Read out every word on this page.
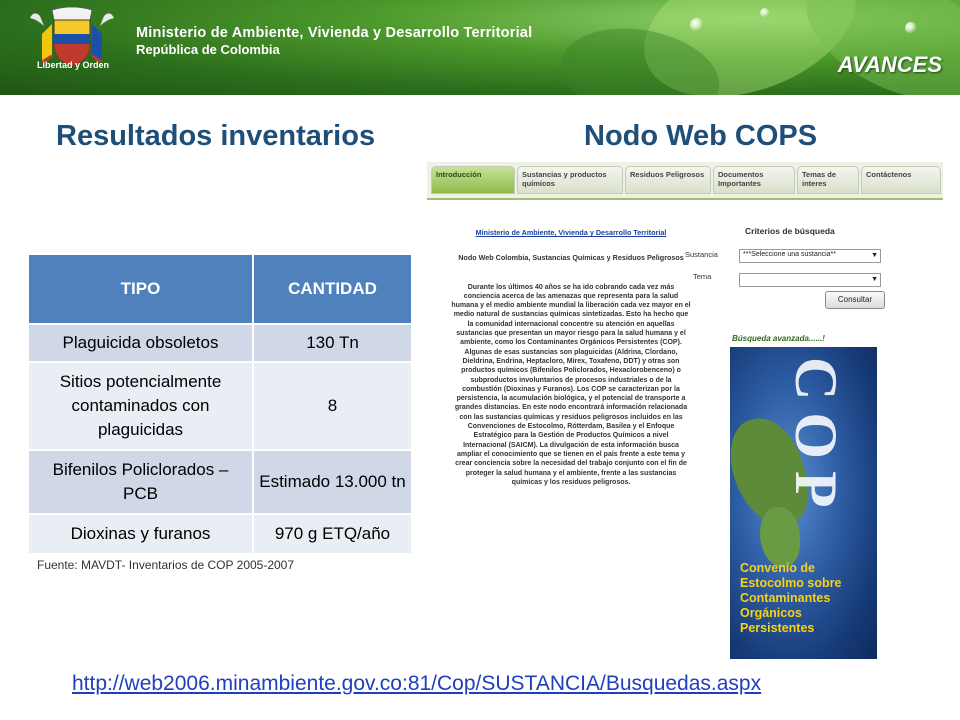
Libertad y Orden
Ministerio de Ambiente, Vivienda y Desarrollo Territorial
República de Colombia
AVANCES
Resultados inventarios	Nodo Web COPS
TIPO	CANTIDAD
Plaguicida obsoletos	130 Tn
Sitios potencialmente contaminados con plaguicidas	8
Bifenilos Policlorados – PCB	Estimado 13.000 tn
Dioxinas y furanos	970 g ETQ/año
Fuente: MAVDT- Inventarios de COP 2005-2007
Introducción	Sustancias y productos químicos
Residuos Peligrosos	Documentos Importantes
Temas de interes
Contáctenos
Ministerio de Ambiente, Vivienda y Desarrollo Territorial
Nodo Web Colombia, Sustancias Químicas y Residuos Peligrosos
Durante los últimos 40 años se ha ido cobrando cada vez más conciencia acerca de las amenazas que representa para la salud humana y el medio ambiente mundial la liberación cada vez mayor en el medio natural de sustancias químicas sintetizadas. Esto ha hecho que la comunidad internacional concentre su atención en aquellas sustancias que presentan un mayor riesgo para la salud humana y el ambiente, como los Contaminantes Orgánicos Persistentes (COP). Algunas de esas sustancias son plaguicidas (Aldrina, Clordano, Dieldrina, Endrina, Heptacloro, Mirex, Toxafeno, DDT) y otras son productos químicos (Bifenilos Policlorados, Hexaclorobenceno) o subproductos involuntarios de procesos industriales o de la combustión (Dioxinas y Furanos). Los COP se caracterizan por la persistencia, la acumulación biológica, y el potencial de transporte a grandes distancias. En este nodo encontrará información relacionada con las sustancias químicas y residuos peligrosos incluidos en las Convenciones de Estocolmo, Rótterdam, Basilea y el Enfoque Estratégico para la Gestión de Productos Químicos a nivel Internacional (SAICM). La divulgación de esta información busca ampliar el conocimiento que se tienen en el país frente a este tema y crear conciencia sobre la necesidad del trabajo conjunto con el fin de proteger la salud humana y el ambiente, frente a las sustancias químicas y los residuos peligrosos.
Criterios de búsqueda
Sustancia	***Seleccione una sustancia**	▼
Tema	▼
Consultar
Búsqueda avanzada......!
COP
Convenio de Estocolmo sobre Contaminantes Orgánicos Persistentes
http://web2006.minambiente.gov.co:81/Cop/SUSTANCIA/Busquedas.aspx
